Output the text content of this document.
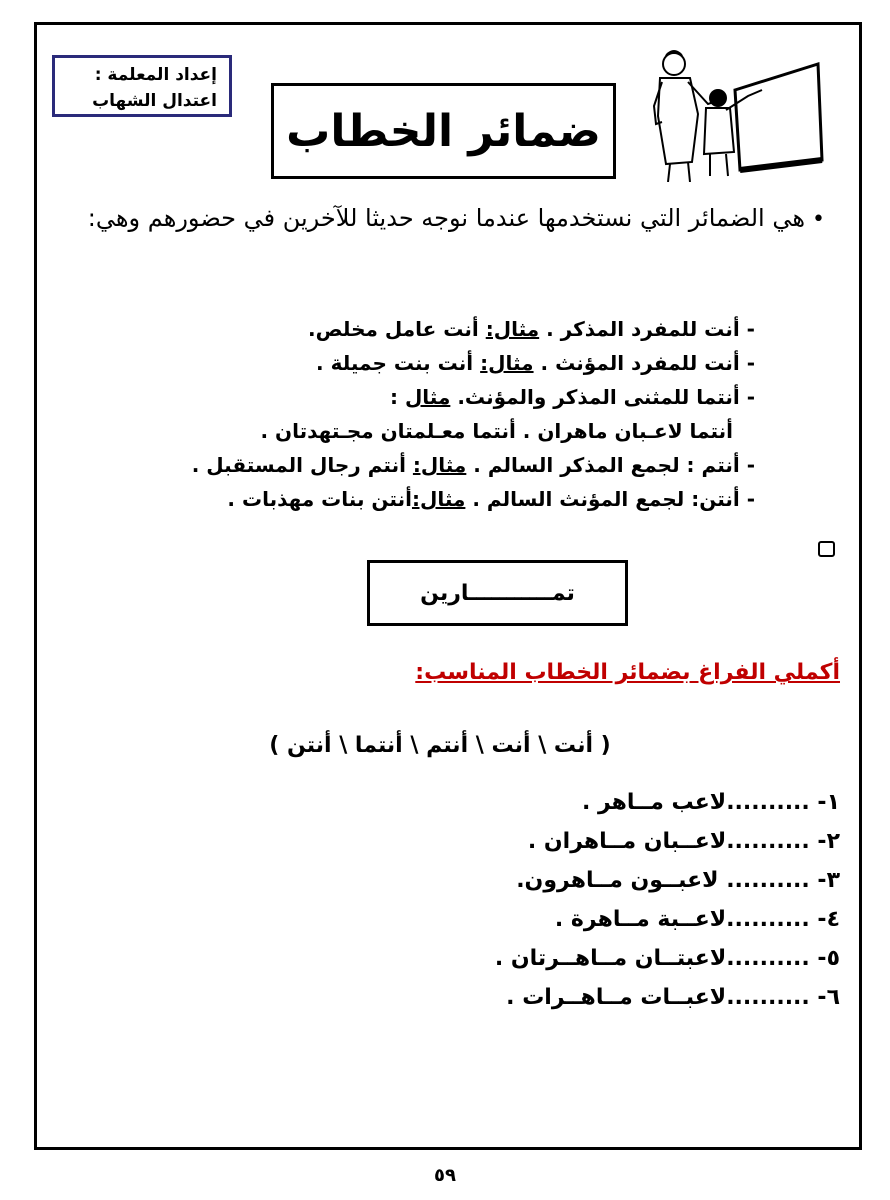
إعداد المعلمة :
اعتدال الشهاب
ضمائر الخطاب
•
هي الضمائر التي نستخدمها عندما نوجه حديثا للآخرين في حضورهم وهي:
- أنت للمفرد المذكر . مثال: أنت عامل مخلص.
- أنت للمفرد المؤنث . مثال: أنت بنت جميلة .
- أنتما للمثنى المذكر والمؤنث. مثال :
أنتما لاعـبان ماهران . أنتما معـلمتان مجـتهدتان .
- أنتم : لجمع المذكر السالم . مثال: أنتم رجال المستقبل .
- أنتن: لجمع المؤنث السالم . مثال:أنتن بنات مهذبات .
تمـــــــــــارين
أكملي الفراغ بضمائر الخطاب المناسب:
( أنت \ أنت \ أنتم \ أنتما \ أنتن )
١- ..........لاعب مــاهر .
٢- ..........لاعــبان مــاهران .
٣- .......... لاعبــون مــاهرون.
٤- ..........لاعــبة مــاهرة .
٥- ..........لاعبتــان مــاهــرتان .
٦- ..........لاعبــات مــاهــرات .
٥٩
